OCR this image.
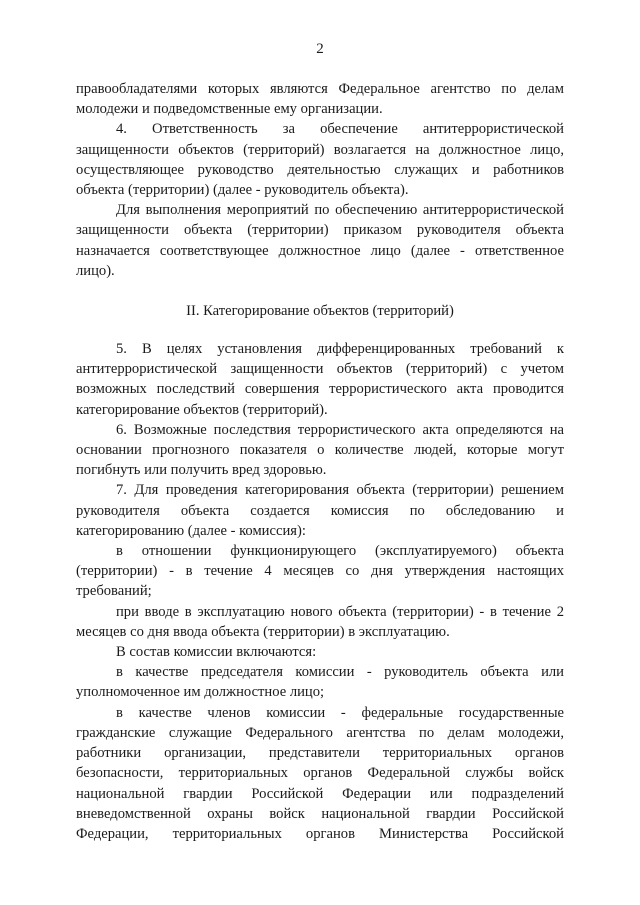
2

правообладателями которых являются Федеральное агентство по делам молодежи и подведомственные ему организации.

4. Ответственность за обеспечение антитеррористической защищенности объектов (территорий) возлагается на должностное лицо, осуществляющее руководство деятельностью служащих и работников объекта (территории) (далее - руководитель объекта).

Для выполнения мероприятий по обеспечению антитеррористической защищенности объекта (территории) приказом руководителя объекта назначается соответствующее должностное лицо (далее - ответственное лицо).

II. Категорирование объектов (территорий)

5. В целях установления дифференцированных требований к антитеррористической защищенности объектов (территорий) с учетом возможных последствий совершения террористического акта проводится категорирование объектов (территорий).

6. Возможные последствия террористического акта определяются на основании прогнозного показателя о количестве людей, которые могут погибнуть или получить вред здоровью.

7. Для проведения категорирования объекта (территории) решением руководителя объекта создается комиссия по обследованию и категорированию (далее - комиссия):

в отношении функционирующего (эксплуатируемого) объекта (территории) - в течение 4 месяцев со дня утверждения настоящих требований;

при вводе в эксплуатацию нового объекта (территории) - в течение 2 месяцев со дня ввода объекта (территории) в эксплуатацию.

В состав комиссии включаются:

в качестве председателя комиссии - руководитель объекта или уполномоченное им должностное лицо;

в качестве членов комиссии - федеральные государственные гражданские служащие Федерального агентства по делам молодежи, работники организации, представители территориальных органов безопасности, территориальных органов Федеральной службы войск национальной гвардии Российской Федерации или подразделений вневедомственной охраны войск национальной гвардии Российской Федерации, территориальных органов Министерства Российской
